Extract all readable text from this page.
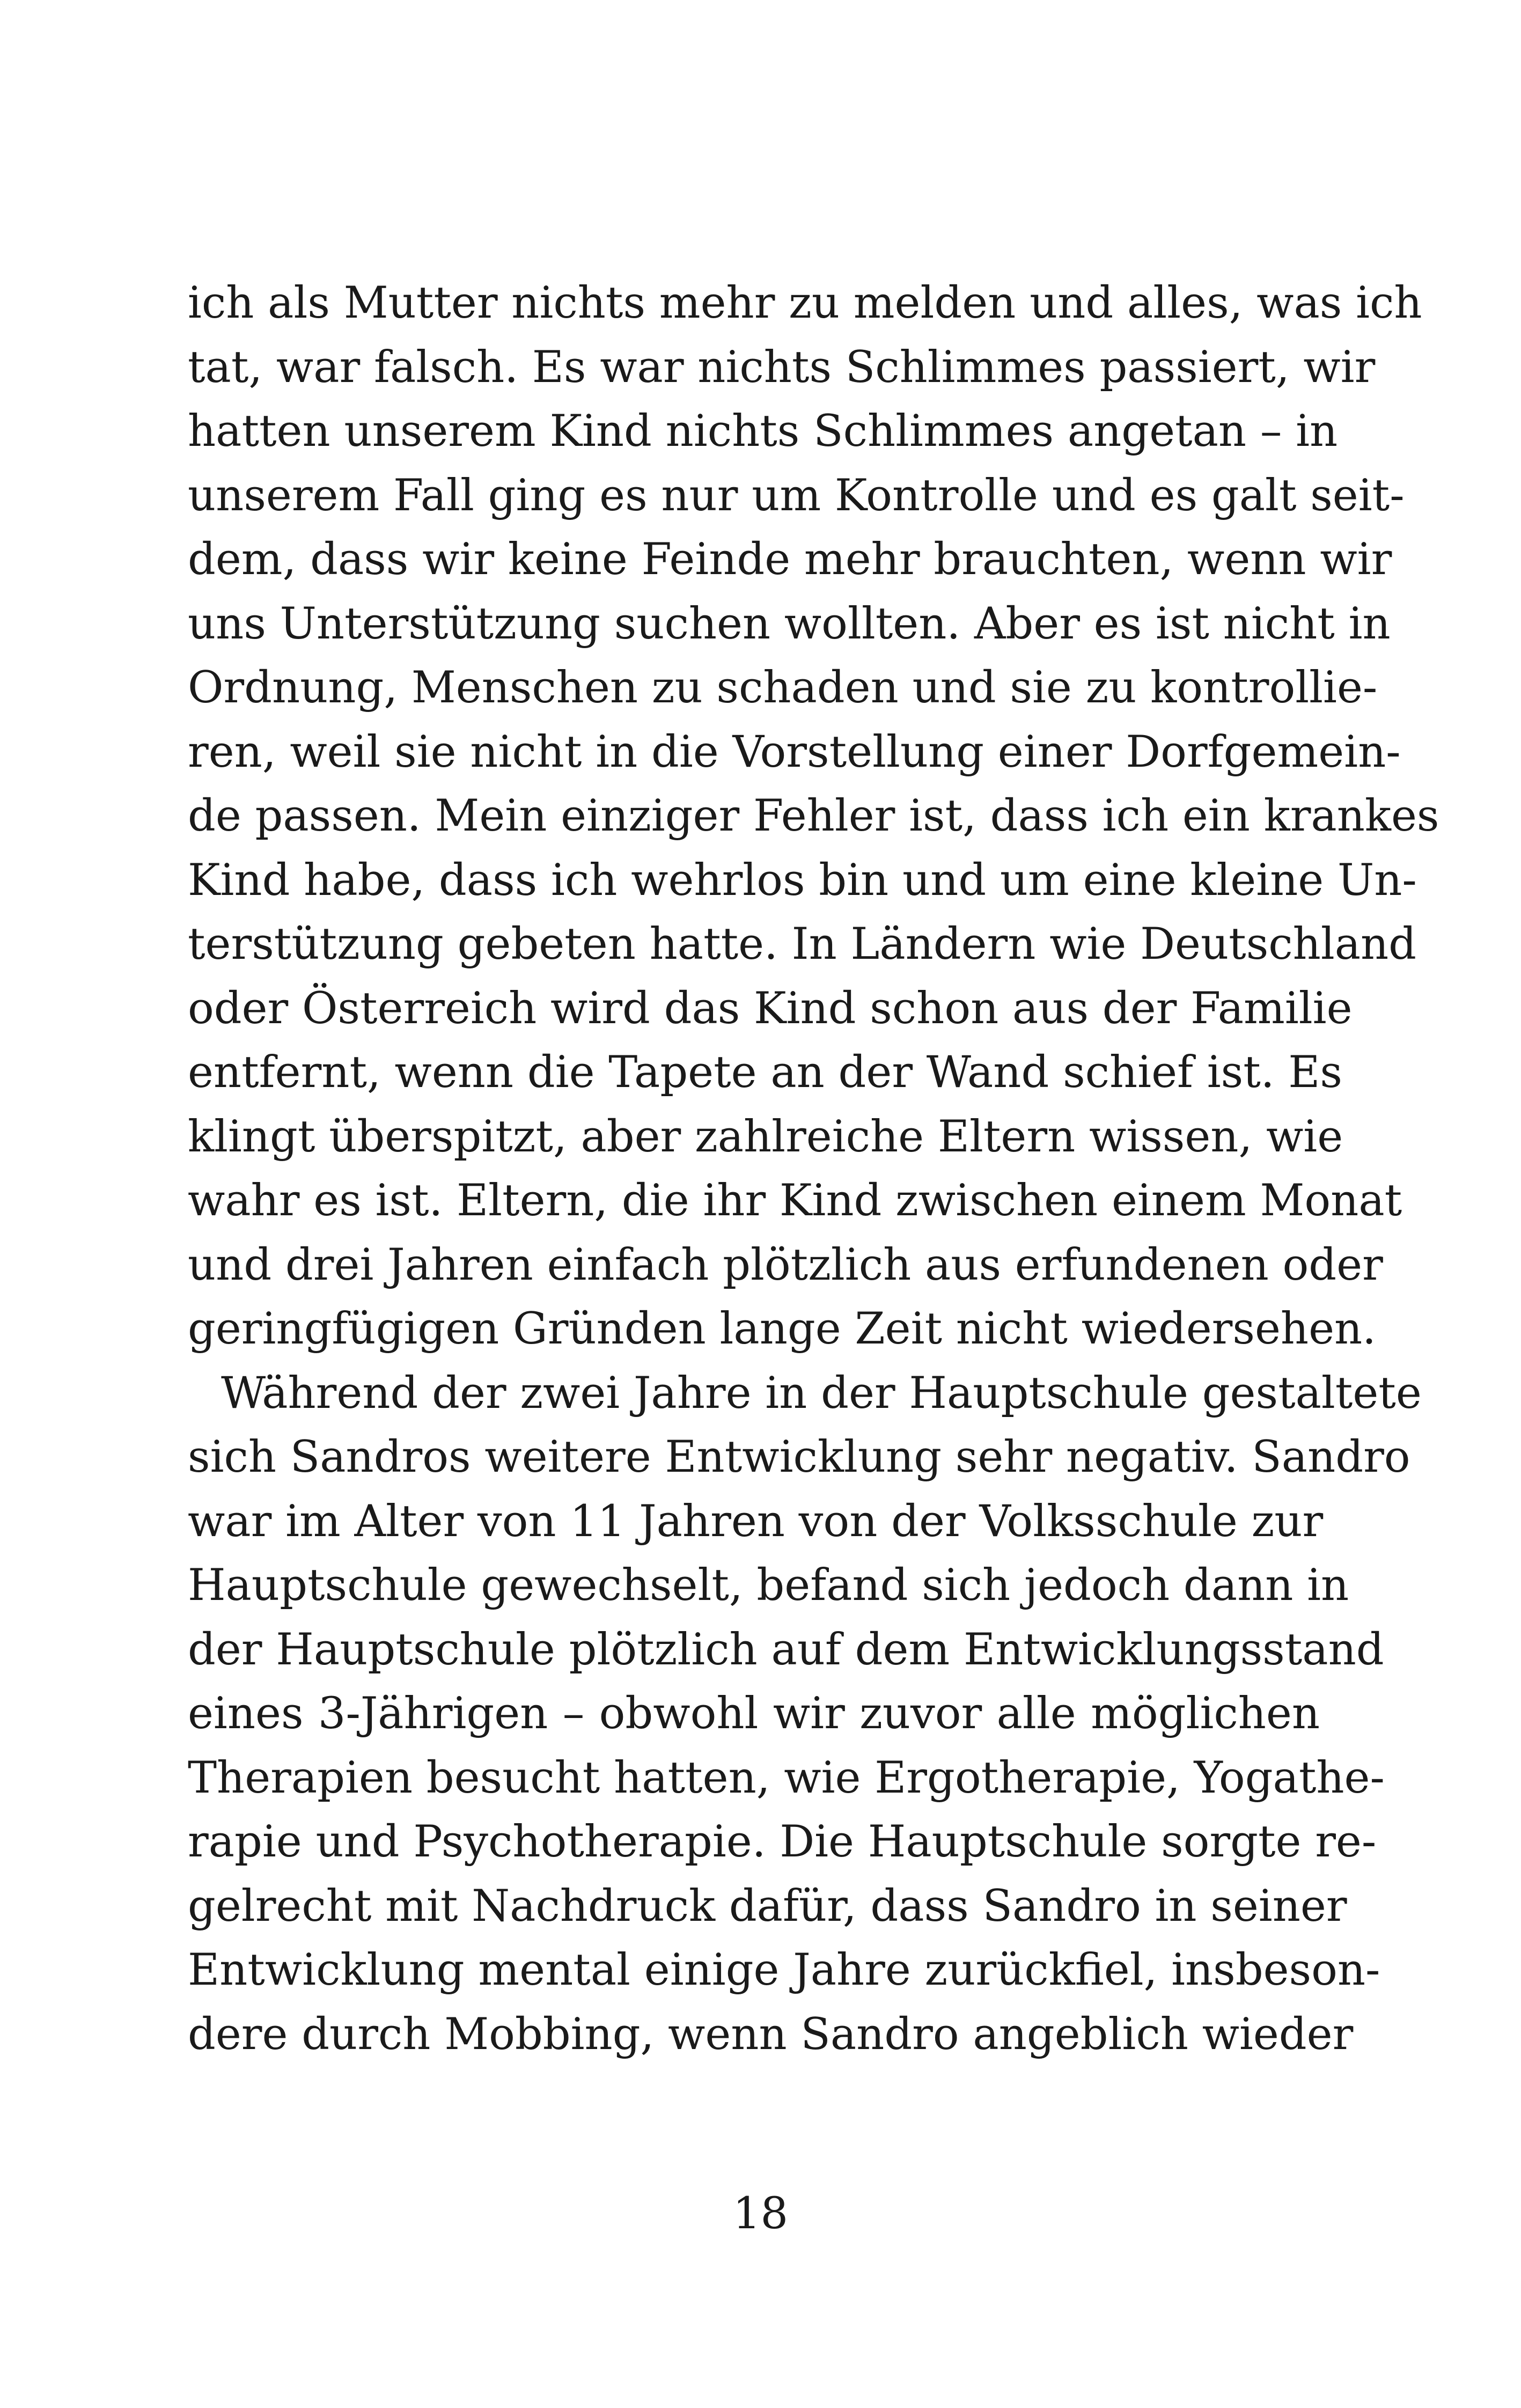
ich als Mutter nichts mehr zu melden und alles, was ich
tat, war falsch. Es war nichts Schlimmes passiert, wir
hatten unserem Kind nichts Schlimmes angetan – in
unserem Fall ging es nur um Kontrolle und es galt seit-
dem, dass wir keine Feinde mehr brauchten, wenn wir
uns Unterstützung suchen wollten. Aber es ist nicht in
Ordnung, Menschen zu schaden und sie zu kontrollie-
ren, weil sie nicht in die Vorstellung einer Dorfgemein-
de passen. Mein einziger Fehler ist, dass ich ein krankes
Kind habe, dass ich wehrlos bin und um eine kleine Un-
terstützung gebeten hatte. In Ländern wie Deutschland
oder Österreich wird das Kind schon aus der Familie
entfernt, wenn die Tapete an der Wand schief ist. Es
klingt überspitzt, aber zahlreiche Eltern wissen, wie
wahr es ist. Eltern, die ihr Kind zwischen einem Monat
und drei Jahren einfach plötzlich aus erfundenen oder
geringfügigen Gründen lange Zeit nicht wiedersehen.
Während der zwei Jahre in der Hauptschule gestaltete
sich Sandros weitere Entwicklung sehr negativ. Sandro
war im Alter von 11 Jahren von der Volksschule zur
Hauptschule gewechselt, befand sich jedoch dann in
der Hauptschule plötzlich auf dem Entwicklungsstand
eines 3-Jährigen – obwohl wir zuvor alle möglichen
Therapien besucht hatten, wie Ergotherapie, Yogathe-
rapie und Psychotherapie. Die Hauptschule sorgte re-
gelrecht mit Nachdruck dafür, dass Sandro in seiner
Entwicklung mental einige Jahre zurückfiel, insbeson-
dere durch Mobbing, wenn Sandro angeblich wieder
18
